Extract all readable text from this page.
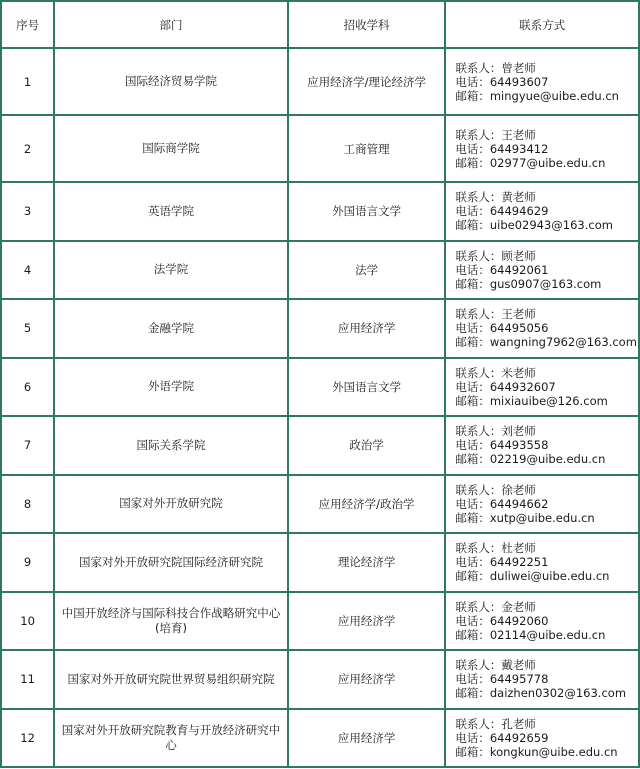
序号	部门	招收学科	联系方式
1	国际经济贸易学院	应用经济学/理论经济学	联系人：曾老师
电话：64493607
邮箱：mingyue@uibe.edu.cn

2	国际商学院	工商管理	联系人：王老师
电话：64493412
邮箱：02977@uibe.edu.cn

3	英语学院	外国语言文学	联系人：黄老师
电话：64494629
邮箱：uibe02943@163.com

4	法学院	法学	联系人：顾老师
电话：64492061
邮箱：gus0907@163.com

5	金融学院	应用经济学	联系人：王老师
电话：64495056
邮箱：wangning7962@163.com

6	外语学院	外国语言文学	联系人：米老师
电话：644932607
邮箱：mixiauibe@126.com

7	国际关系学院	政治学	联系人：刘老师
电话：64493558
邮箱：02219@uibe.edu.cn

8	国家对外开放研究院	应用经济学/政治学	联系人：徐老师
电话：64494662
邮箱：xutp@uibe.edu.cn

9	国家对外开放研究院国际经济研究院	理论经济学	联系人：杜老师
电话：64492251
邮箱：duliwei@uibe.edu.cn

10	中国开放经济与国际科技合作战略研究中心(培育)	应用经济学	联系人：金老师
电话：64492060
邮箱：02114@uibe.edu.cn

11	国家对外开放研究院世界贸易组织研究院	应用经济学	联系人：戴老师
电话：64495778
邮箱：daizhen0302@163.com

12	国家对外开放研究院教育与开放经济研究中心	应用经济学	联系人：孔老师
电话：64492659
邮箱：kongkun@uibe.edu.cn
